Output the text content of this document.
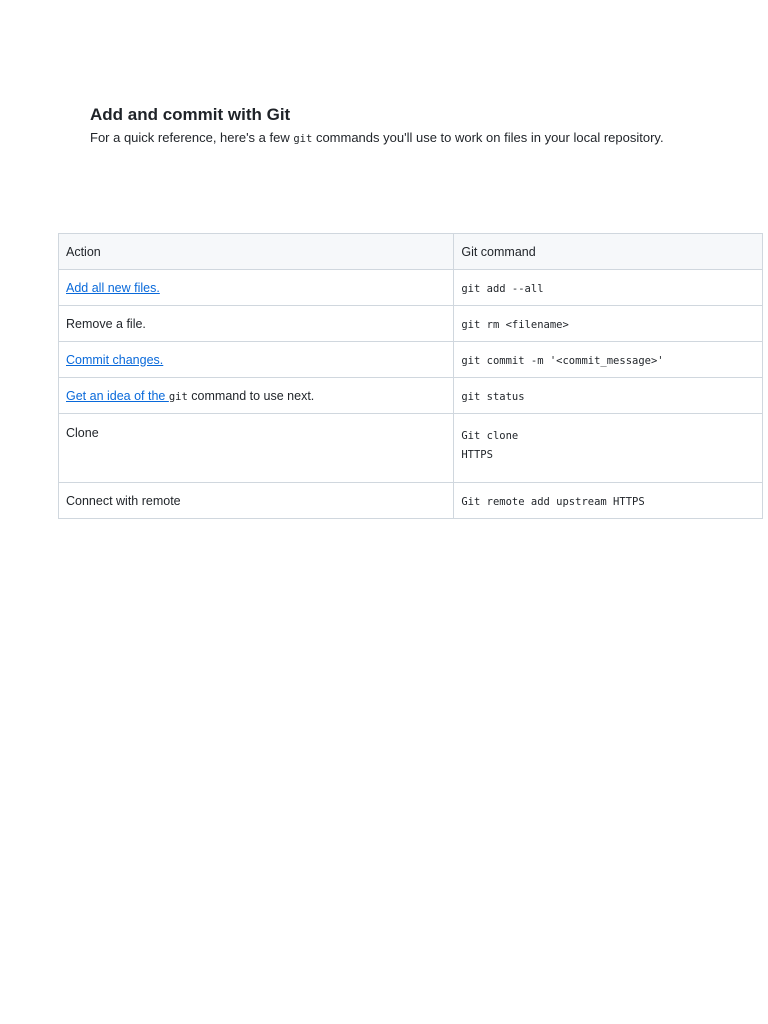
Add and commit with Git

For a quick reference, here's a few git commands you'll use to work on files in your local repository.

Action	Git command
Add all new files.	git add --all
Remove a file.	git rm <filename>
Commit changes.	git commit -m '<commit_message>'
Get an idea of the git command to use next.	git status
Clone	Git clone
HTTPS

Connect with remote	Git remote add upstream HTTPS
